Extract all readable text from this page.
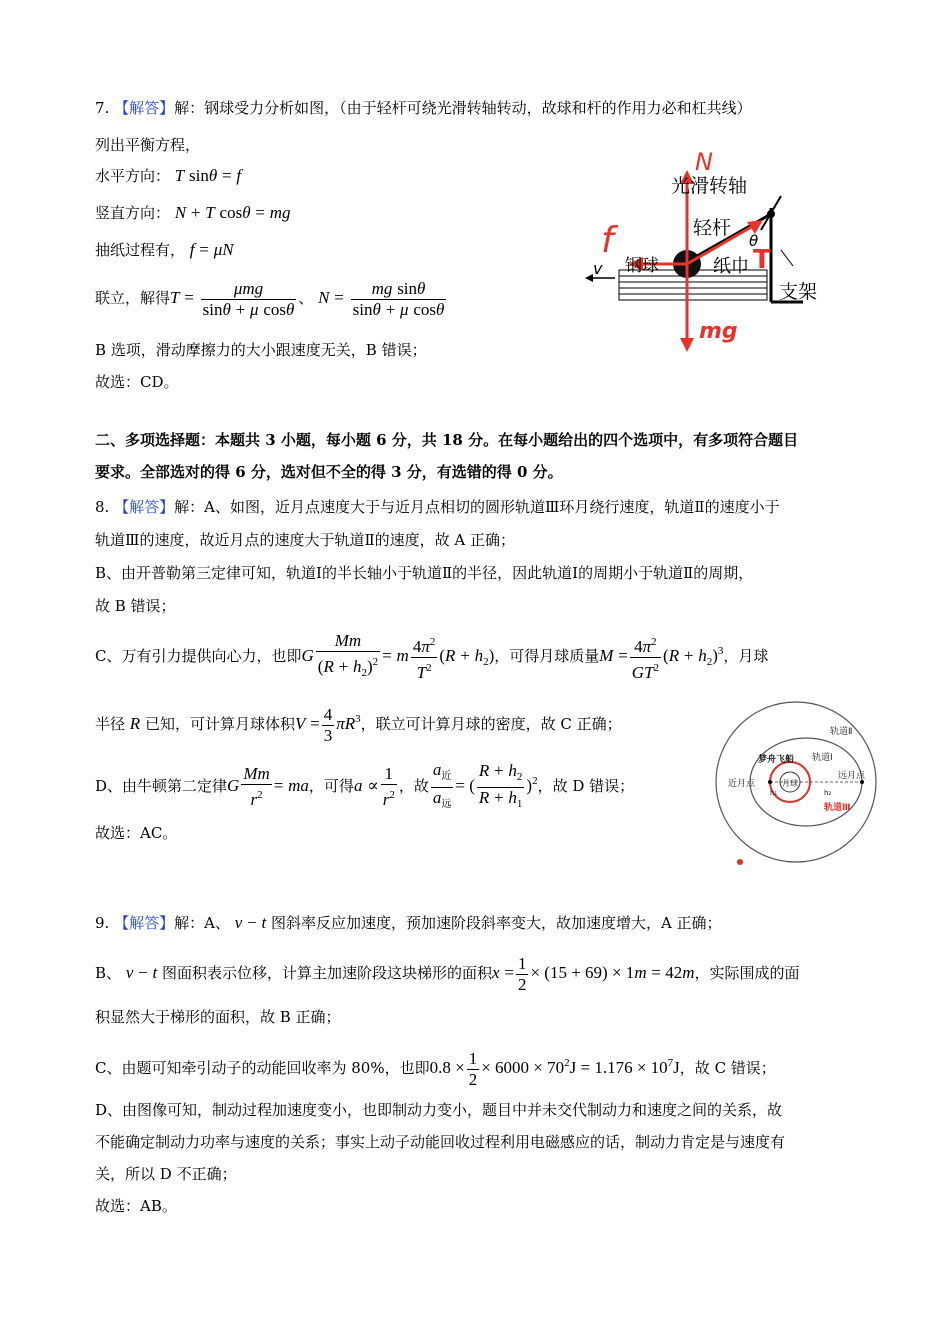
7. 【解答】解：钢球受力分析如图，（由于轻杆可绕光滑转轴转动，故球和杆的作用力必和杠共线）
列出平衡方程，
水平方向： T sinθ = f
竖直方向： N + T cosθ = mg
抽纸过程有， f = μN
联立，解得$T = \frac{\text{μmg}}{\text{sinθ + μ cosθ}}$ 、 $N = \frac{\text{mg sinθ}}{\text{sinθ + μ cosθ}}$
B 选项，滑动摩擦力的大小跟速度无关，B 错误；
故选：CD。
N
光滑转轴
轻杆
θ
f	T
钢球
v	纸巾
支架
mg
二、多项选择题：本题共 3 小题，每小题 6 分，共 18 分。在每小题给出的四个选项中，有多项符合题目
要求。全部选对的得 6 分，选对但不全的得 3 分，有选错的得 0 分。
8. 【解答】解：A、如图，近月点速度大于与近月点相切的圆形轨道Ⅲ环月绕行速度，轨道Ⅱ的速度小于
轨道Ⅲ的速度，故近月点的速度大于轨道Ⅱ的速度，故 A 正确；
B、由开普勒第三定律可知，轨道Ⅰ的半长轴小于轨道Ⅱ的半径，因此轨道Ⅰ的周期小于轨道Ⅱ的周期，
故 B 错误；
C、万有引力提供向心力，也即G $\frac{Mm}{(R + h_2)^2} = m \frac{4\pi^2}{T^2} (R + h_2)$，可得月球质量$M = \frac{4\pi^2}{GT^2} (R + h_2)^3$，月球
半径 R 已知，可计算月球体积$V = \frac{4}{3} \pi R^3$，联立可计算月球的密度，故 C 正确；
D、由牛顿第二定律G $\frac{Mm}{r^2}$ = ma，可得$a \propto \frac{1}{r^2}$ ，故 $\frac{a_近}{a_远}$ = ( $\frac{R + h_2}{R + h_1} )^2$，故 D 错误；
故选：AC。
轨道Ⅱ
梦舟飞船 轨道Ⅰ
近月点	月球
远月点
h₁	h₂
轨道Ⅲ
9. 【解答】解：A、 v − t 图斜率反应加速度，预加速阶段斜率变大，故加速度增大，A 正确；
B、 v − t 图面积表示位移，计算主加速阶段这块梯形的面积$x = \frac{1}{2} \times (15 + 69) \times 1m = 42m$，实际围成的面
积显然大于梯形的面积，故 B 正确；
C、由题可知牵引动子的动能回收率为 80%，也即$0.8 \times \frac{1}{2} \times 6000 \times 70^2J = 1.176 \times 10^7J$，故 C 错误；
D、由图像可知，制动过程加速度变小，也即制动力变小，题目中并未交代制动力和速度之间的关系，故
不能确定制动力功率与速度的关系；事实上动子动能回收过程利用电磁感应的话，制动力肯定是与速度有
关，所以 D 不正确；
故选：AB。
